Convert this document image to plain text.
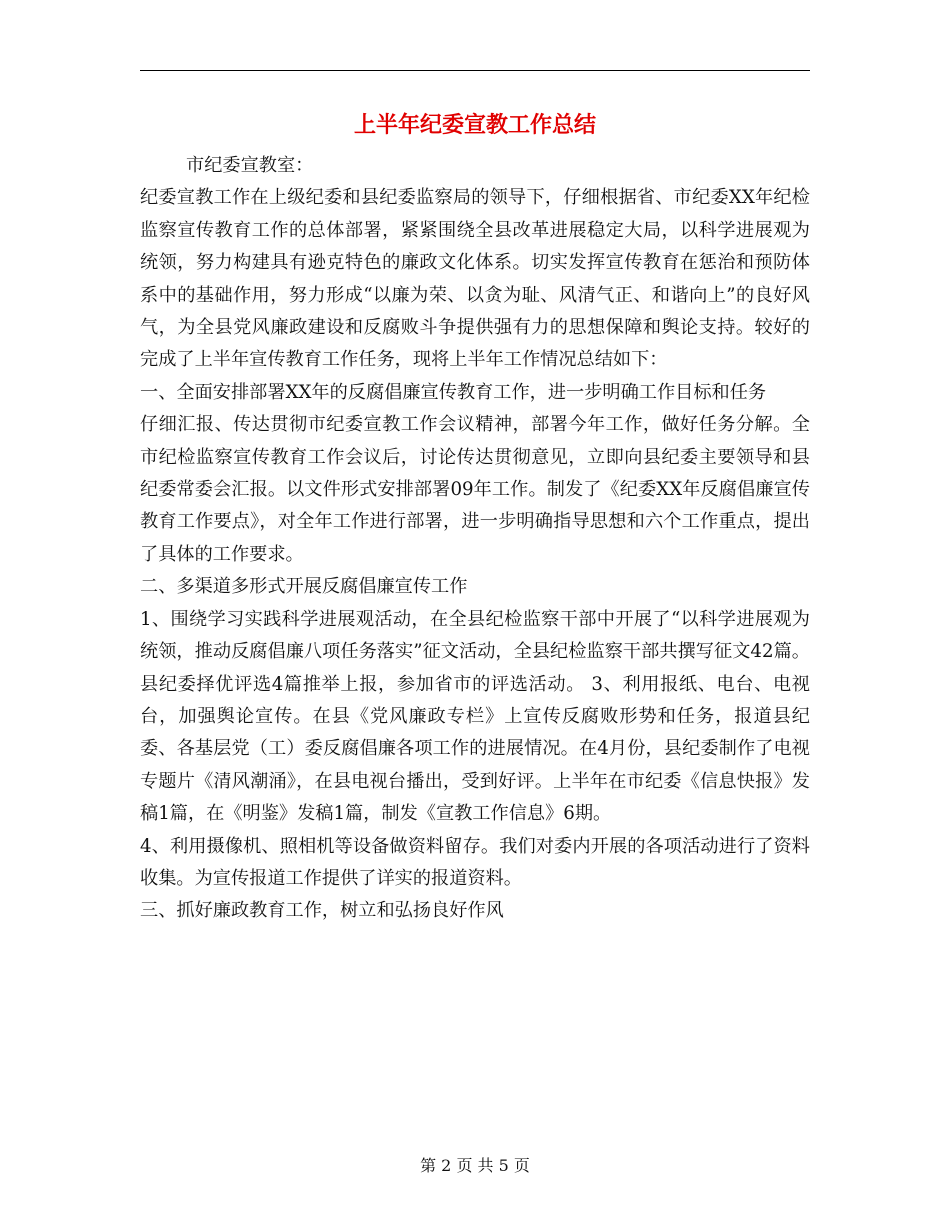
上半年纪委宣教工作总结

市纪委宣教室：

纪委宣教工作在上级纪委和县纪委监察局的领导下，仔细根据省、市纪委XX年纪检监察宣传教育工作的总体部署，紧紧围绕全县改革进展稳定大局，以科学进展观为统领，努力构建具有逊克特色的廉政文化体系。切实发挥宣传教育在惩治和预防体系中的基础作用，努力形成“以廉为荣、以贪为耻、风清气正、和谐向上”的良好风气，为全县党风廉政建设和反腐败斗争提供强有力的思想保障和舆论支持。较好的完成了上半年宣传教育工作任务，现将上半年工作情况总结如下：

一、全面安排部署XX年的反腐倡廉宣传教育工作，进一步明确工作目标和任务

仔细汇报、传达贯彻市纪委宣教工作会议精神，部署今年工作，做好任务分解。全市纪检监察宣传教育工作会议后，讨论传达贯彻意见，立即向县纪委主要领导和县纪委常委会汇报。以文件形式安排部署09年工作。制发了《纪委XX年反腐倡廉宣传教育工作要点》，对全年工作进行部署，进一步明确指导思想和六个工作重点，提出了具体的工作要求。

二、多渠道多形式开展反腐倡廉宣传工作

1、围绕学习实践科学进展观活动，在全县纪检监察干部中开展了“以科学进展观为统领，推动反腐倡廉八项任务落实”征文活动，全县纪检监察干部共撰写征文42篇。县纪委择优评选4篇推举上报，参加省市的评选活动。 3、利用报纸、电台、电视台，加强舆论宣传。在县《党风廉政专栏》上宣传反腐败形势和任务，报道县纪委、各基层党（工）委反腐倡廉各项工作的进展情况。在4月份，县纪委制作了电视专题片《清风潮涌》，在县电视台播出，受到好评。上半年在市纪委《信息快报》发稿1篇，在《明鉴》发稿1篇，制发《宣教工作信息》6期。

4、利用摄像机、照相机等设备做资料留存。我们对委内开展的各项活动进行了资料收集。为宣传报道工作提供了详实的报道资料。

三、抓好廉政教育工作，树立和弘扬良好作风

第 2 页 共 5 页
